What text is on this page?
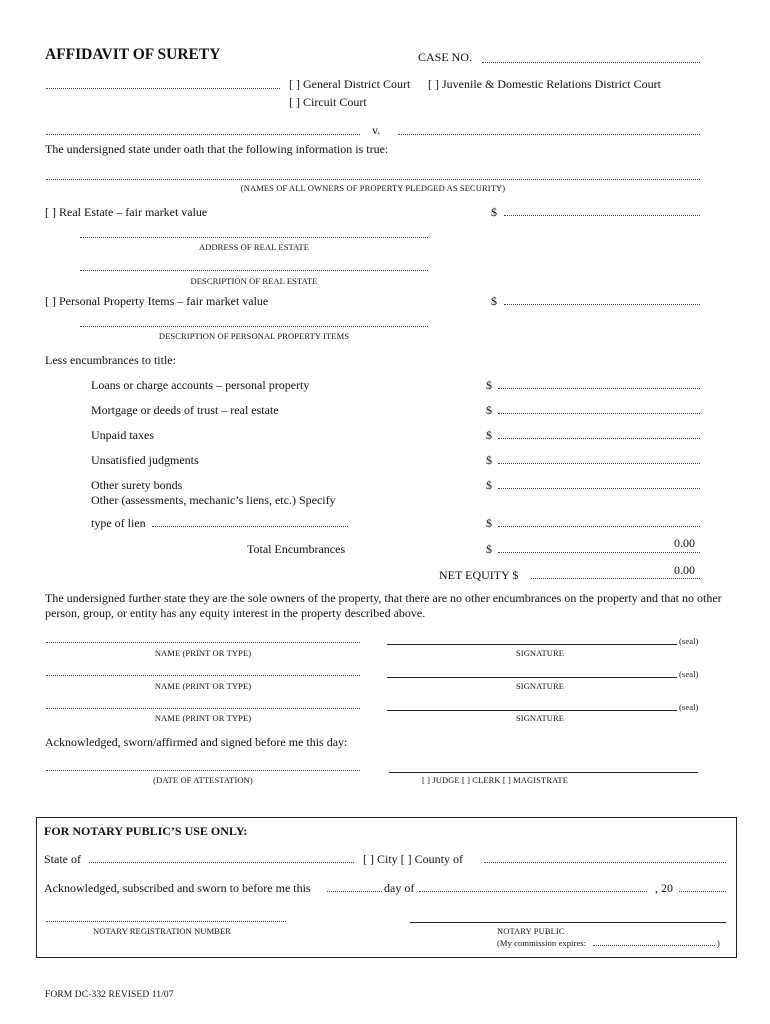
AFFIDAVIT OF SURETY	CASE NO.
[ ] General District Court [ ] Juvenile & Domestic Relations District Court
[ ] Circuit Court
v.
The undersigned state under oath that the following information is true:
(NAMES OF ALL OWNERS OF PROPERTY PLEDGED AS SECURITY)
[ ] Real Estate – fair market value	$
ADDRESS OF REAL ESTATE
DESCRIPTION OF REAL ESTATE
[ ] Personal Property Items – fair market value	$
DESCRIPTION OF PERSONAL PROPERTY ITEMS
Less encumbrances to title:
Loans or charge accounts – personal property	$
Mortgage or deeds of trust – real estate	$
Unpaid taxes	$
Unsatisfied judgments	$
Other surety bonds	$
Other (assessments, mechanic’s liens, etc.) Specify
type of lien	$
Total Encumbrances	$	0.00
NET EQUITY $	0.00
The undersigned further state they are the sole owners of the property, that there are no other encumbrances on the property and that no other person, group, or entity has any equity interest in the property described above.
NAME (PRINT OR TYPE)
(seal)
SIGNATURE
NAME (PRINT OR TYPE)
(seal)
SIGNATURE
NAME (PRINT OR TYPE)
(seal)
SIGNATURE
Acknowledged, sworn/affirmed and signed before me this day:
(DATE OF ATTESTATION)	[ ] JUDGE [ ] CLERK [ ] MAGISTRATE
FOR NOTARY PUBLIC’S USE ONLY:
State of	[ ] City [ ] County of
Acknowledged, subscribed and sworn to before me this	day of	, 20
NOTARY REGISTRATION NUMBER	NOTARY PUBLIC
(My commission expires:	)
FORM DC-332 REVISED 11/07
